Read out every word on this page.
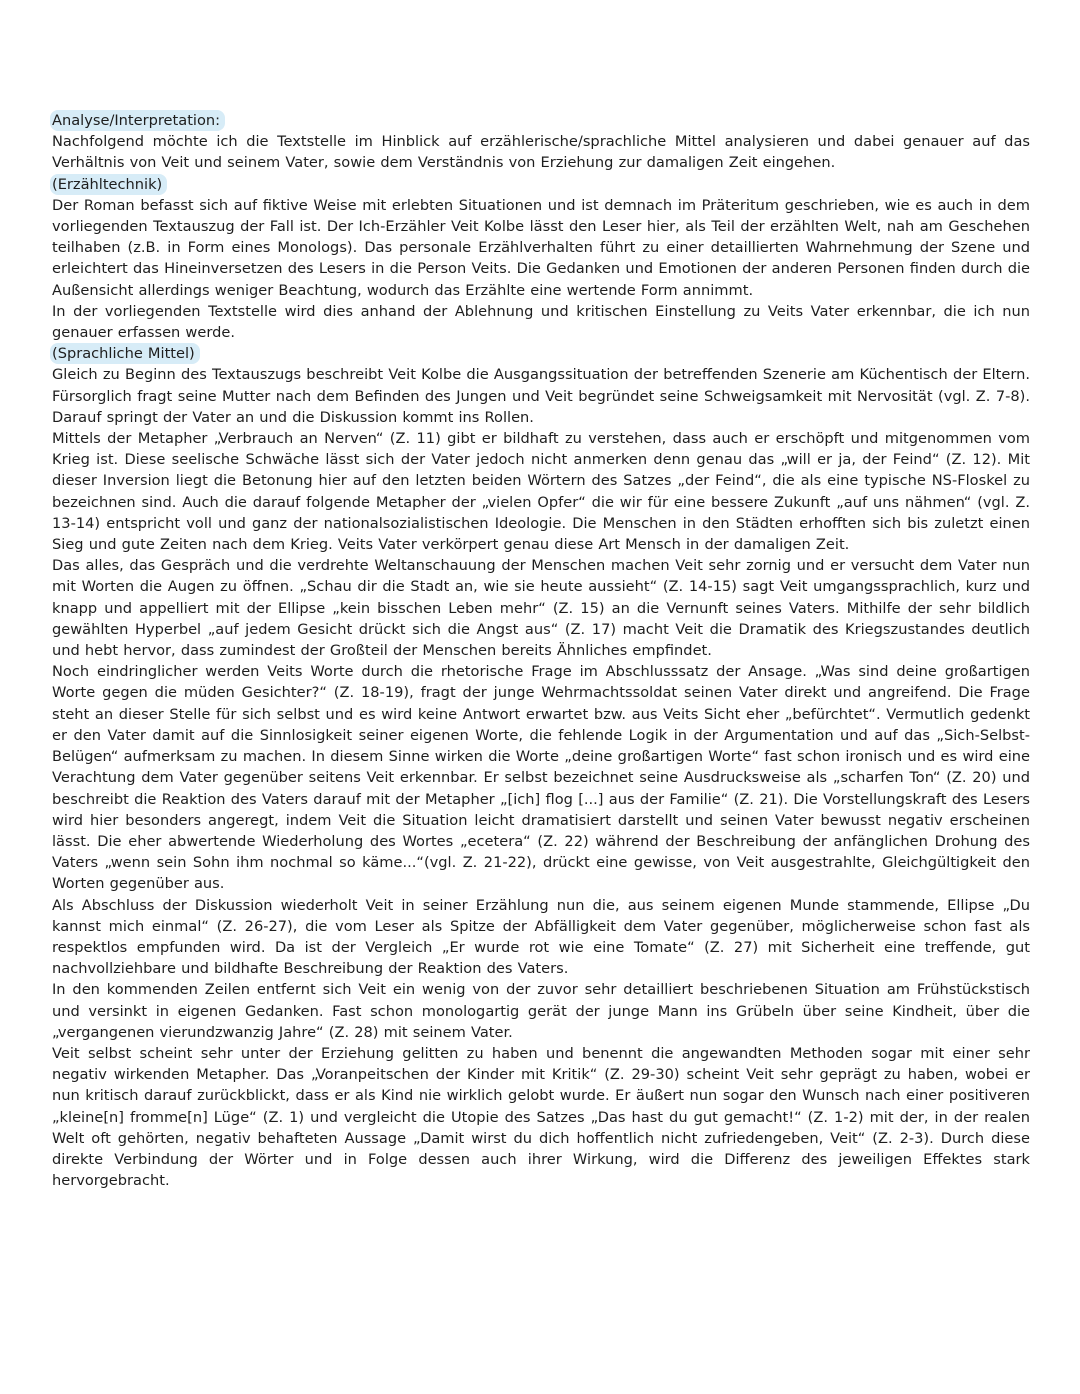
Analyse/Interpretation:

Nachfolgend möchte ich die Textstelle im Hinblick auf erzählerische/sprachliche Mittel analysieren und dabei genauer auf das Verhältnis von Veit und seinem Vater, sowie dem Verständnis von Erziehung zur damaligen Zeit eingehen.

(Erzähltechnik)

Der Roman befasst sich auf fiktive Weise mit erlebten Situationen und ist demnach im Präteritum geschrieben, wie es auch in dem vorliegenden Textauszug der Fall ist. Der Ich-Erzähler Veit Kolbe lässt den Leser hier, als Teil der erzählten Welt, nah am Geschehen teilhaben (z.B. in Form eines Monologs). Das personale Erzählverhalten führt zu einer detaillierten Wahrnehmung der Szene und erleichtert das Hineinversetzen des Lesers in die Person Veits. Die Gedanken und Emotionen der anderen Personen finden durch die Außensicht allerdings weniger Beachtung, wodurch das Erzählte eine wertende Form annimmt.

In der vorliegenden Textstelle wird dies anhand der Ablehnung und kritischen Einstellung zu Veits Vater erkennbar, die ich nun genauer erfassen werde.

(Sprachliche Mittel)

Gleich zu Beginn des Textauszugs beschreibt Veit Kolbe die Ausgangssituation der betreffenden Szenerie am Küchentisch der Eltern. Fürsorglich fragt seine Mutter nach dem Befinden des Jungen und Veit begründet seine Schweigsamkeit mit Nervosität (vgl. Z. 7-8). Darauf springt der Vater an und die Diskussion kommt ins Rollen.

Mittels der Metapher „Verbrauch an Nerven“ (Z. 11) gibt er bildhaft zu verstehen, dass auch er erschöpft und mitgenommen vom Krieg ist. Diese seelische Schwäche lässt sich der Vater jedoch nicht anmerken denn genau das „will er ja, der Feind“ (Z. 12). Mit dieser Inversion liegt die Betonung hier auf den letzten beiden Wörtern des Satzes „der Feind“, die als eine typische NS-Floskel zu bezeichnen sind. Auch die darauf folgende Metapher der „vielen Opfer“ die wir für eine bessere Zukunft „auf uns nähmen“ (vgl. Z. 13-14) entspricht voll und ganz der nationalsozialistischen Ideologie. Die Menschen in den Städten erhofften sich bis zuletzt einen Sieg und gute Zeiten nach dem Krieg. Veits Vater verkörpert genau diese Art Mensch in der damaligen Zeit.

Das alles, das Gespräch und die verdrehte Weltanschauung der Menschen machen Veit sehr zornig und er versucht dem Vater nun mit Worten die Augen zu öffnen. „Schau dir die Stadt an, wie sie heute aussieht“ (Z. 14-15) sagt Veit umgangssprachlich, kurz und knapp und appelliert mit der Ellipse „kein bisschen Leben mehr“ (Z. 15) an die Vernunft seines Vaters. Mithilfe der sehr bildlich gewählten Hyperbel „auf jedem Gesicht drückt sich die Angst aus“ (Z. 17) macht Veit die Dramatik des Kriegszustandes deutlich und hebt hervor, dass zumindest der Großteil der Menschen bereits Ähnliches empfindet.

Noch eindringlicher werden Veits Worte durch die rhetorische Frage im Abschlusssatz der Ansage. „Was sind deine großartigen Worte gegen die müden Gesichter?“ (Z. 18-19), fragt der junge Wehrmachtssoldat seinen Vater direkt und angreifend. Die Frage steht an dieser Stelle für sich selbst und es wird keine Antwort erwartet bzw. aus Veits Sicht eher „befürchtet“. Vermutlich gedenkt er den Vater damit auf die Sinnlosigkeit seiner eigenen Worte, die fehlende Logik in der Argumentation und auf das „Sich-Selbst-Belügen“ aufmerksam zu machen. In diesem Sinne wirken die Worte „deine großartigen Worte“ fast schon ironisch und es wird eine Verachtung dem Vater gegenüber seitens Veit erkennbar. Er selbst bezeichnet seine Ausdrucksweise als „scharfen Ton“ (Z. 20) und beschreibt die Reaktion des Vaters darauf mit der Metapher „[ich] flog [...] aus der Familie“ (Z. 21). Die Vorstellungskraft des Lesers wird hier besonders angeregt, indem Veit die Situation leicht dramatisiert darstellt und seinen Vater bewusst negativ erscheinen lässt. Die eher abwertende Wiederholung des Wortes „ecetera“ (Z. 22) während der Beschreibung der anfänglichen Drohung des Vaters „wenn sein Sohn ihm nochmal so käme...“(vgl. Z. 21-22), drückt eine gewisse, von Veit ausgestrahlte, Gleichgültigkeit den Worten gegenüber aus.

Als Abschluss der Diskussion wiederholt Veit in seiner Erzählung nun die, aus seinem eigenen Munde stammende, Ellipse „Du kannst mich einmal“ (Z. 26-27), die vom Leser als Spitze der Abfälligkeit dem Vater gegenüber, möglicherweise schon fast als respektlos empfunden wird. Da ist der Vergleich „Er wurde rot wie eine Tomate“ (Z. 27) mit Sicherheit eine treffende, gut nachvollziehbare und bildhafte Beschreibung der Reaktion des Vaters.

In den kommenden Zeilen entfernt sich Veit ein wenig von der zuvor sehr detailliert beschriebenen Situation am Frühstückstisch und versinkt in eigenen Gedanken. Fast schon monologartig gerät der junge Mann ins Grübeln über seine Kindheit, über die „vergangenen vierundzwanzig Jahre“ (Z. 28) mit seinem Vater.

Veit selbst scheint sehr unter der Erziehung gelitten zu haben und benennt die angewandten Methoden sogar mit einer sehr negativ wirkenden Metapher. Das „Voranpeitschen der Kinder mit Kritik“ (Z. 29-30) scheint Veit sehr geprägt zu haben, wobei er nun kritisch darauf zurückblickt, dass er als Kind nie wirklich gelobt wurde. Er äußert nun sogar den Wunsch nach einer positiveren „kleine[n] fromme[n] Lüge“ (Z. 1) und vergleicht die Utopie des Satzes „Das hast du gut gemacht!“ (Z. 1-2) mit der, in der realen Welt oft gehörten, negativ behafteten Aussage „Damit wirst du dich hoffentlich nicht zufriedengeben, Veit“ (Z. 2-3). Durch diese direkte Verbindung der Wörter und in Folge dessen auch ihrer Wirkung, wird die Differenz des jeweiligen Effektes stark hervorgebracht.
